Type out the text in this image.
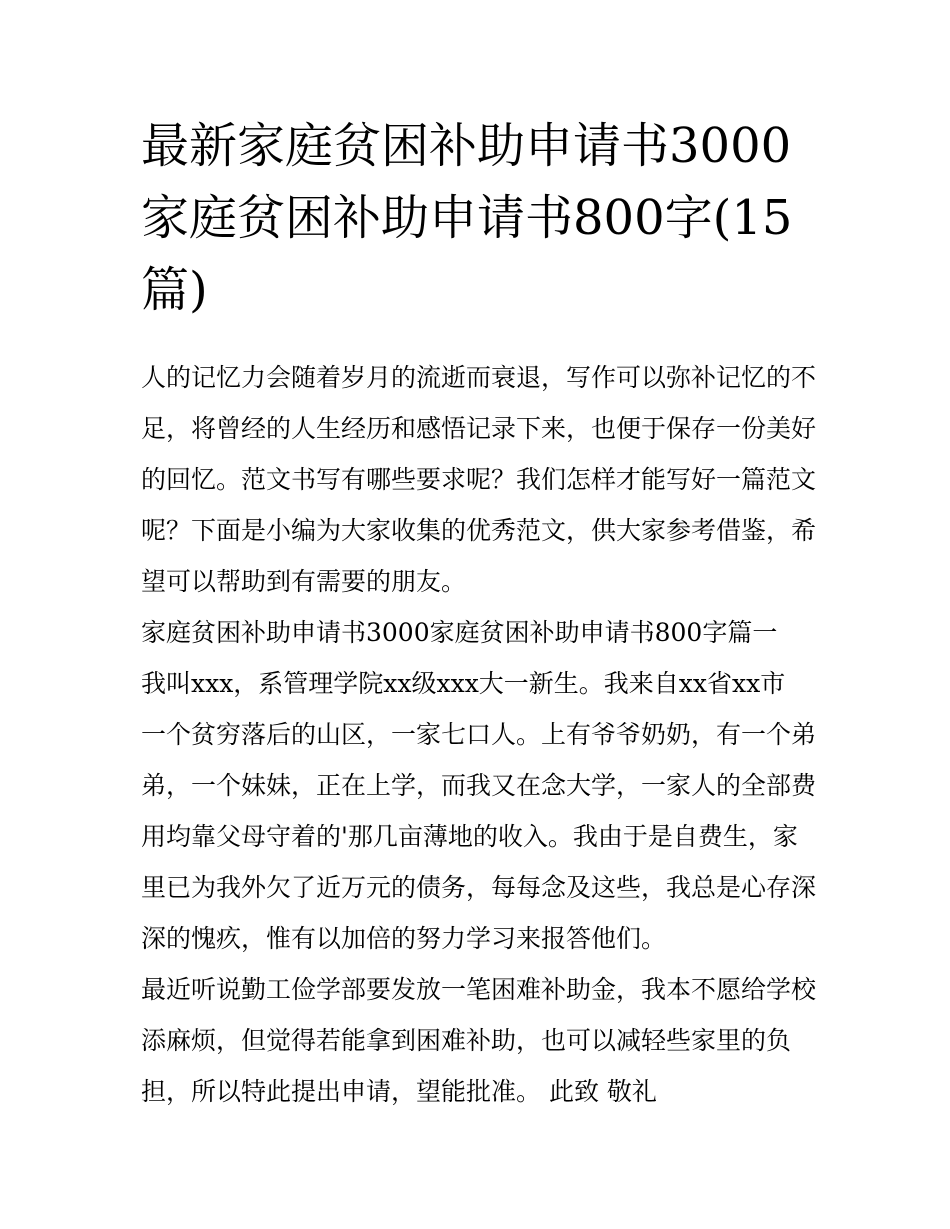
最新家庭贫困补助申请书3000
家庭贫困补助申请书800字(15
篇)

人的记忆力会随着岁月的流逝而衰退，写作可以弥补记忆的不
足，将曾经的人生经历和感悟记录下来，也便于保存一份美好
的回忆。范文书写有哪些要求呢？我们怎样才能写好一篇范文
呢？下面是小编为大家收集的优秀范文，供大家参考借鉴，希
望可以帮助到有需要的朋友。

家庭贫困补助申请书3000家庭贫困补助申请书800字篇一

我叫xxx，系管理学院xx级xxx大一新生。我来自xx省xx市
一个贫穷落后的山区，一家七口人。上有爷爷奶奶，有一个弟
弟，一个妹妹，正在上学，而我又在念大学，一家人的全部费
用均靠父母守着的'那几亩薄地的收入。我由于是自费生，家
里已为我外欠了近万元的债务，每每念及这些，我总是心存深
深的愧疚，惟有以加倍的努力学习来报答他们。

最近听说勤工俭学部要发放一笔困难补助金，我本不愿给学校
添麻烦，但觉得若能拿到困难补助，也可以减轻些家里的负
担，所以特此提出申请，望能批准。 此致 敬礼
